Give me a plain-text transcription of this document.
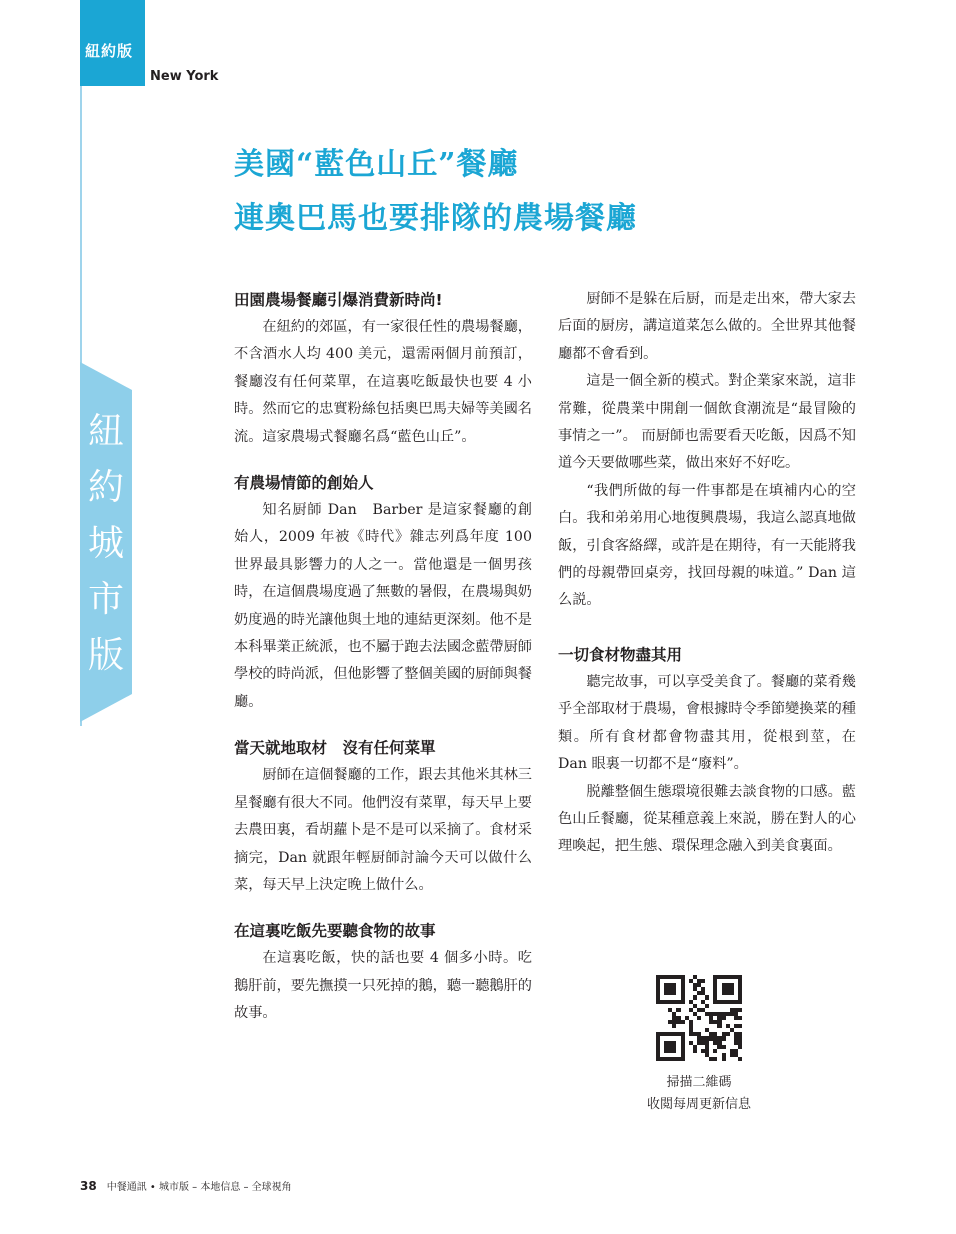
紐約版
New York
紐
約
城
市
版
美國“藍色山丘”餐廳
連奧巴馬也要排隊的農場餐廳
田園農場餐廳引爆消費新時尚!

在紐約的郊區，有一家很任性的農場餐廳，不含酒水人均 400 美元，還需兩個月前預訂，餐廳沒有任何菜單，在這裏吃飯最快也要 4 小時。然而它的忠實粉絲包括奧巴馬夫婦等美國名流。這家農場式餐廳名爲“藍色山丘”。

有農場情節的創始人

知名厨師 Dan　Barber 是這家餐廳的創始人，2009 年被《時代》雜志列爲年度 100 世界最具影響力的人之一。當他還是一個男孩時，在這個農場度過了無數的暑假，在農場與奶奶度過的時光讓他與土地的連結更深刻。他不是本科畢業正統派，也不屬于跑去法國念藍帶厨師學校的時尚派，但他影響了整個美國的厨師與餐廳。

當天就地取材　沒有任何菜單

厨師在這個餐廳的工作，跟去其他米其林三星餐廳有很大不同。他們沒有菜單，每天早上要去農田裏，看胡蘿卜是不是可以采摘了。食材采摘完，Dan 就跟年輕厨師討論今天可以做什么菜，每天早上決定晚上做什么。

在這裏吃飯先要聽食物的故事

在這裏吃飯，快的話也要 4 個多小時。吃鵝肝前，要先撫摸一只死掉的鵝，聽一聽鵝肝的故事。

厨師不是躲在后厨，而是走出來，帶大家去后面的厨房，講這道菜怎么做的。全世界其他餐廳都不會看到。

這是一個全新的模式。對企業家來説，這非常難，從農業中開創一個飲食潮流是“最冒險的事情之一”。 而厨師也需要看天吃飯，因爲不知道今天要做哪些菜，做出來好不好吃。

“我們所做的每一件事都是在填補内心的空白。我和弟弟用心地復興農場，我這么認真地做飯，引食客絡繹，或許是在期待，有一天能將我們的母親帶回桌旁，找回母親的味道。” Dan 這么説。

一切食材物盡其用

聽完故事，可以享受美食了。餐廳的菜肴幾乎全部取材于農場，會根據時令季節變換菜的種類。所有食材都會物盡其用，從根到莖，在 Dan 眼裏一切都不是“廢料”。

脱離整個生態環境很難去談食物的口感。藍色山丘餐廳，從某種意義上來説，勝在對人的心理喚起，把生態、環保理念融入到美食裏面。

掃描二維碼
收閲每周更新信息
38 中餐通訊 • 城市版 – 本地信息 – 全球視角
